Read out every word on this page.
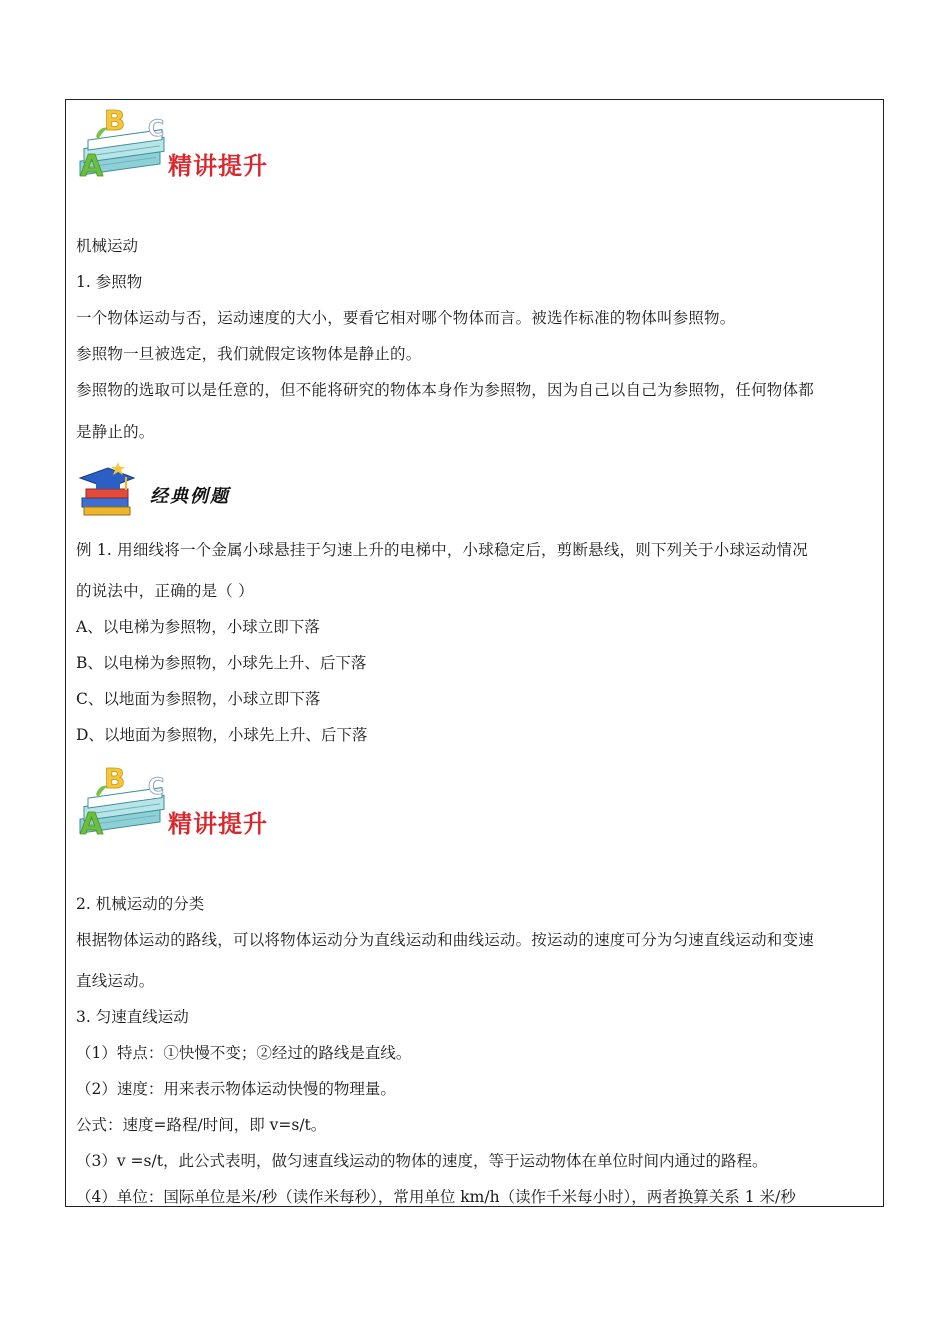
A
B C
精讲提升
机械运动
1. 参照物
一个物体运动与否，运动速度的大小，要看它相对哪个物体而言。被选作标准的物体叫参照物。
参照物一旦被选定，我们就假定该物体是静止的。
参照物的选取可以是任意的，但不能将研究的物体本身作为参照物，因为自己以自己为参照物，任何物体都
是静止的。
经典例题
例 1. 用细线将一个金属小球悬挂于匀速上升的电梯中，小球稳定后，剪断悬线，则下列关于小球运动情况
的说法中，正确的是（ ）
A、以电梯为参照物，小球立即下落
B、以电梯为参照物，小球先上升、后下落
C、以地面为参照物，小球立即下落
D、以地面为参照物，小球先上升、后下落
A
B C
精讲提升
2. 机械运动的分类
根据物体运动的路线，可以将物体运动分为直线运动和曲线运动。按运动的速度可分为匀速直线运动和变速
直线运动。
3. 匀速直线运动
（1）特点：①快慢不变；②经过的路线是直线。
（2）速度：用来表示物体运动快慢的物理量。
公式：速度=路程/时间，即 v=s/t。
（3）v =s/t，此公式表明，做匀速直线运动的物体的速度，等于运动物体在单位时间内通过的路程。
（4）单位：国际单位是米/秒（读作米每秒），常用单位 km/h（读作千米每小时），两者换算关系 1 米/秒
